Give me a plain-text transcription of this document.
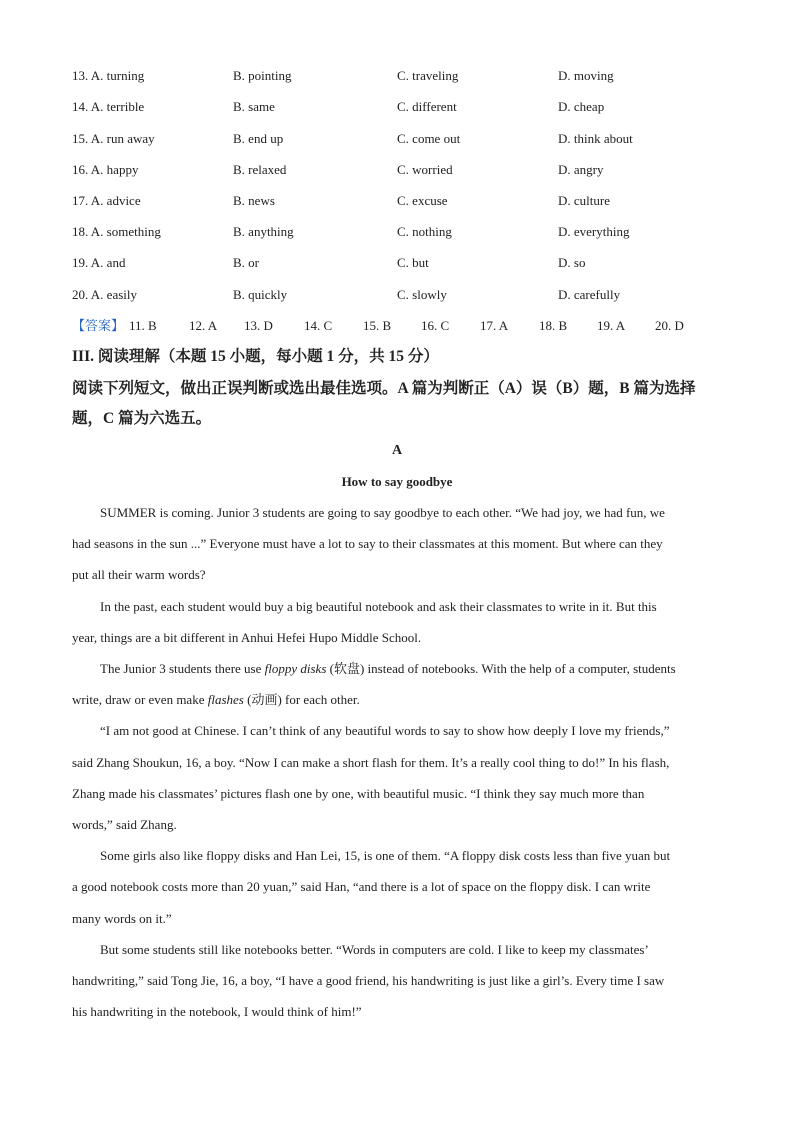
13. A. turning	B. pointing	C. traveling	D. moving
14. A. terrible	B. same	C. different	D. cheap
15. A. run away	B. end up	C. come out	D. think about
16. A. happy	B. relaxed	C. worried	D. angry
17. A. advice	B. news	C. excuse	D. culture
18. A. something	B. anything	C. nothing	D. everything
19. A. and	B. or	C. but	D. so
20. A. easily	B. quickly	C. slowly	D. carefully
【答案】 11. B 12. A 13. D 14. C 15. B 16. C 17. A 18. B 19. A 20. D
III. 阅读理解（本题 15 小题，每小题 1 分，共 15 分）
阅读下列短文，做出正误判断或选出最佳选项。A 篇为判断正（A）误（B）题，B 篇为选择
题，C 篇为六选五。
A
How to say goodbye
SUMMER is coming. Junior 3 students are going to say goodbye to each other. “We had joy, we had fun, we
had seasons in the sun ...” Everyone must have a lot to say to their classmates at this moment. But where can they
put all their warm words?
In the past, each student would buy a big beautiful notebook and ask their classmates to write in it. But this
year, things are a bit different in Anhui Hefei Hupo Middle School.
The Junior 3 students there use floppy disks (软盘) instead of notebooks. With the help of a computer, students
write, draw or even make flashes (动画) for each other.
“I am not good at Chinese. I can’t think of any beautiful words to say to show how deeply I love my friends,”
said Zhang Shoukun, 16, a boy. “Now I can make a short flash for them. It’s a really cool thing to do!” In his flash,
Zhang made his classmates’ pictures flash one by one, with beautiful music. “I think they say much more than
words,” said Zhang.
Some girls also like floppy disks and Han Lei, 15, is one of them. “A floppy disk costs less than five yuan but
a good notebook costs more than 20 yuan,” said Han, “and there is a lot of space on the floppy disk. I can write
many words on it.”
But some students still like notebooks better. “Words in computers are cold. I like to keep my classmates’
his handwriting in the notebook, I would think of him!”
handwriting,” said Tong Jie, 16, a boy, “I have a good friend, his handwriting is just like a girl’s. Every time I saw
